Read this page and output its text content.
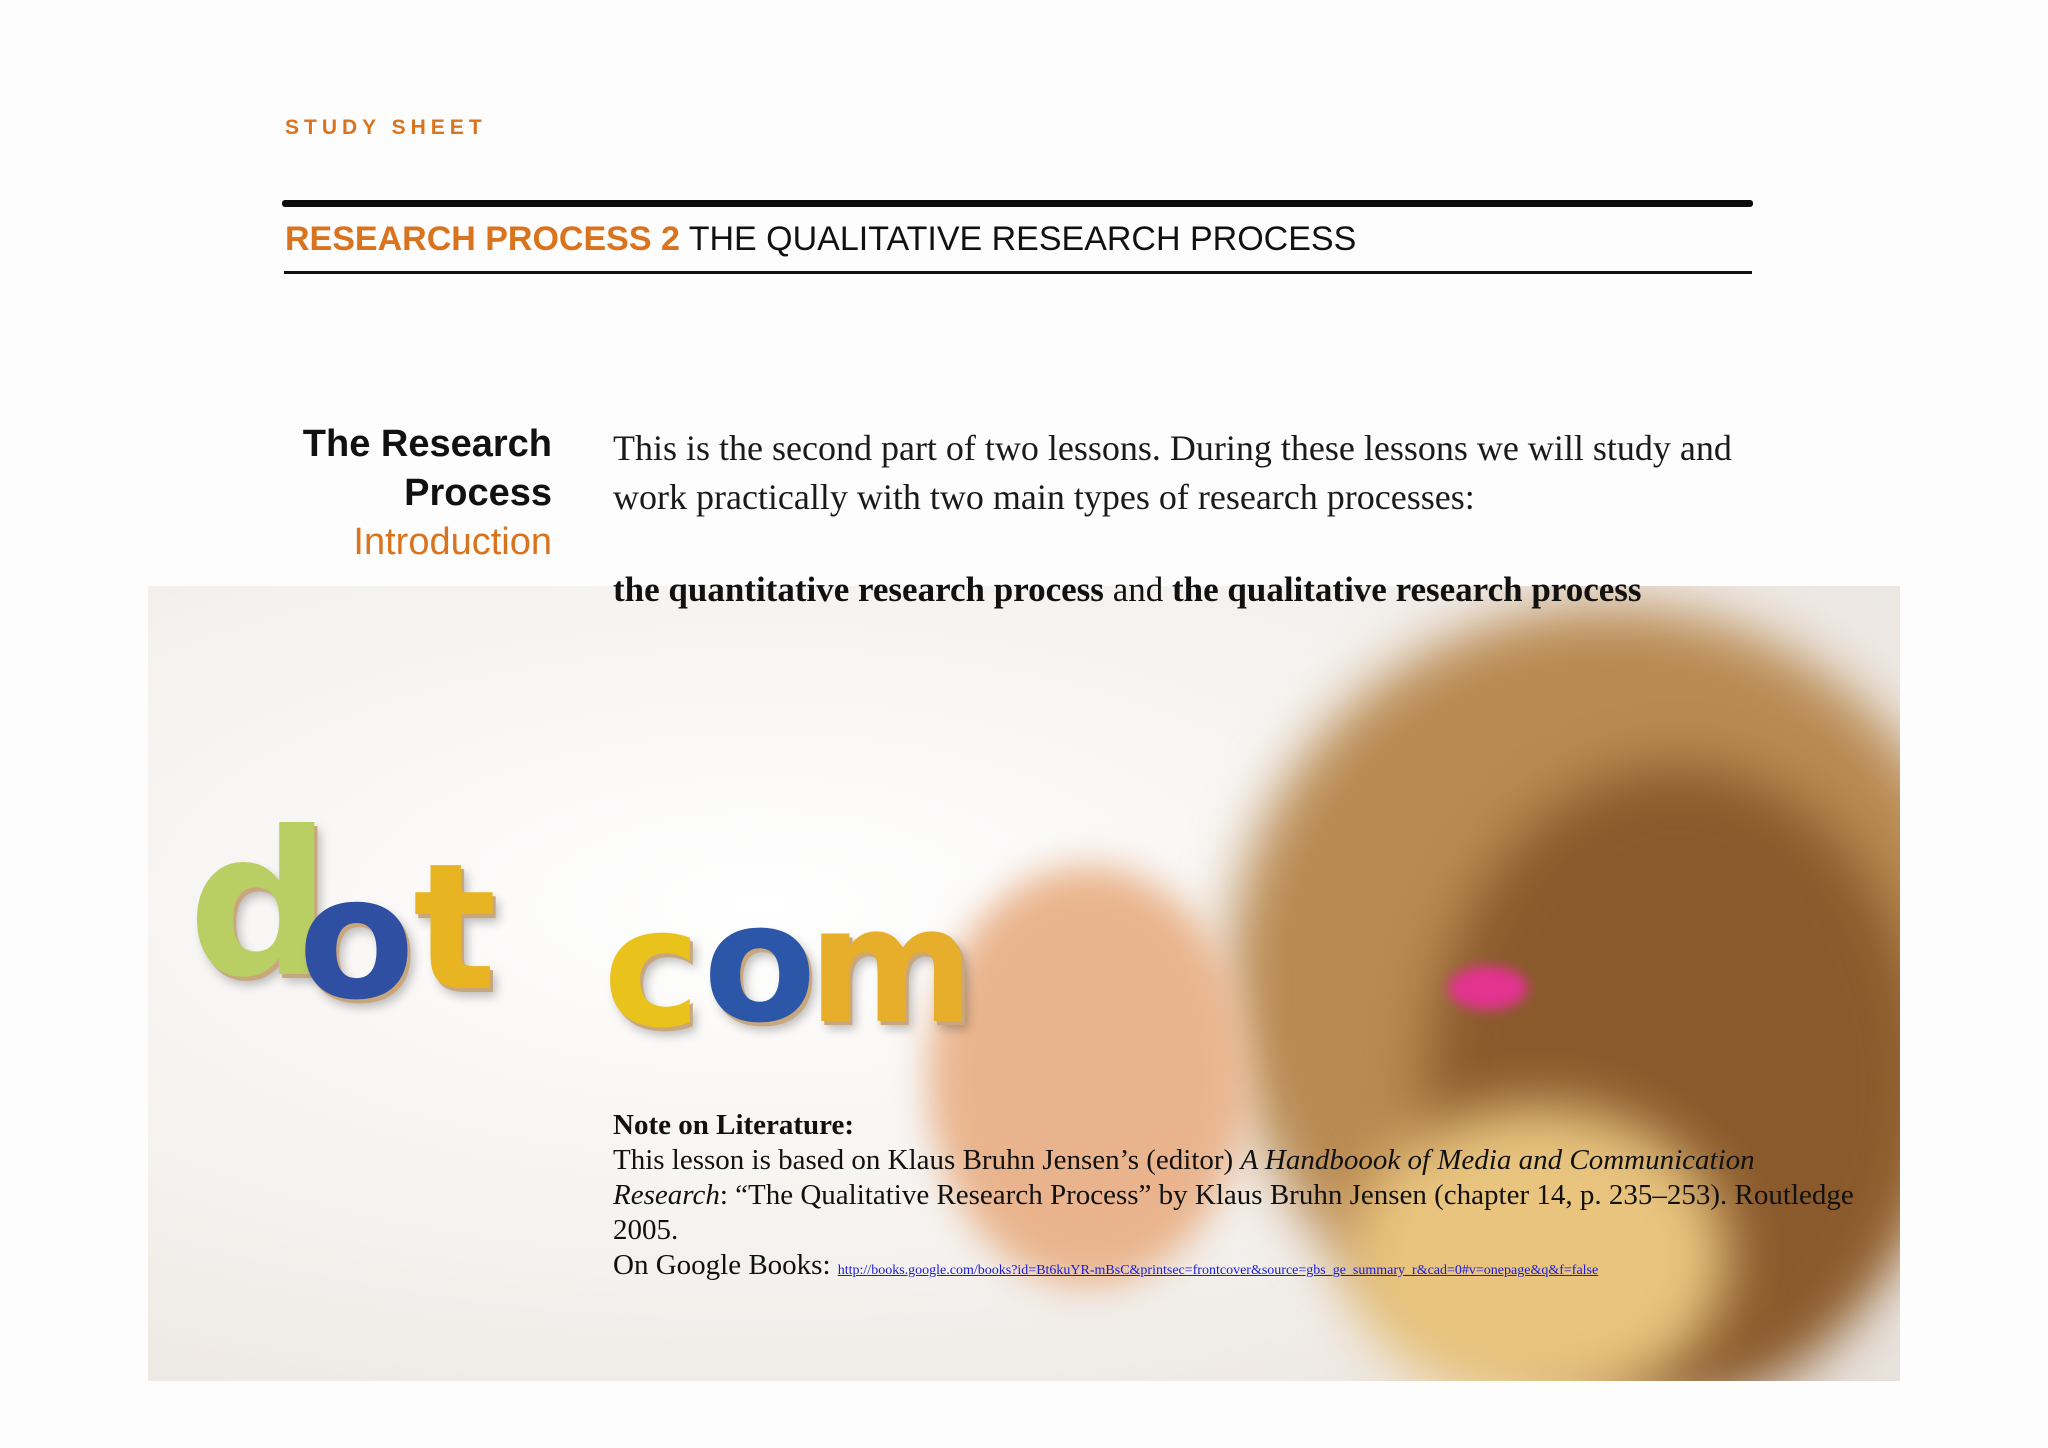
d
o
t c o
m
STUDY SHEET
RESEARCH PROCESS 2 THE QUALITATIVE RESEARCH PROCESS
The Research Process
Introduction
This is the second part of two lessons. During these lessons we will study and work practically with two main types of research processes:
the quantitative research process and the qualitative research process
Note on Literature:
This lesson is based on Klaus Bruhn Jensen’s (editor) A Handboook of Media and Communication Research: “The Qualitative Research Process” by Klaus Bruhn Jensen (chapter 14, p. 235–253). Routledge 2005.
On Google Books: http://books.google.com/books?id=Bt6kuYR-mBsC&printsec=frontcover&source=gbs_ge_summary_r&cad=0#v=onepage&q&f=false
